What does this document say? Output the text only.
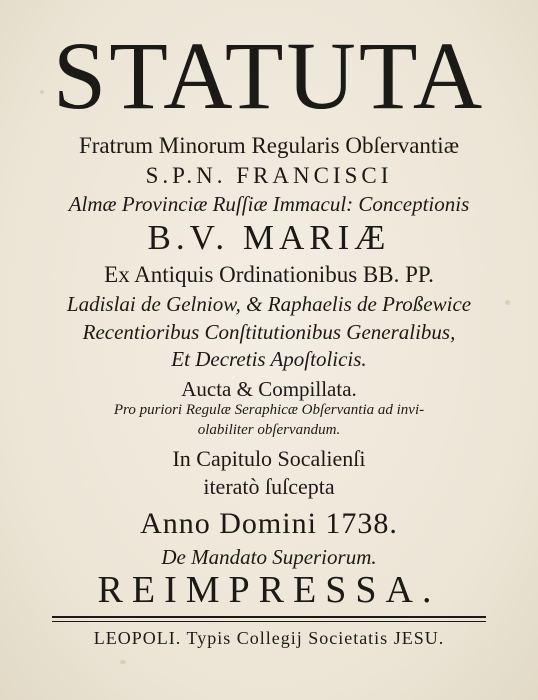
STATUTA
Fratrum Minorum Regularis Obſervantiæ
S.P.N. FRANCISCI
Almæ Provinciæ Ruſſiæ Immacul: Conceptionis
B.V. MARIÆ
Ex Antiquis Ordinationibus BB. PP.
Ladislai de Gelniow, & Raphaelis de Proßewice
Recentioribus Conſtitutionibus Generalibus,
Et Decretis Apoſtolicis.
Aucta & Compillata.
Pro puriori Regulæ Seraphicæ Obſervantia ad invi-
olabiliter obſervandum.
In Capitulo Socalienſi
iteratò ſuſcepta
Anno Domini 1738.
De Mandato Superiorum.
REIMPRESSA.
LEOPOLI. Typis Collegij Societatis JESU.
